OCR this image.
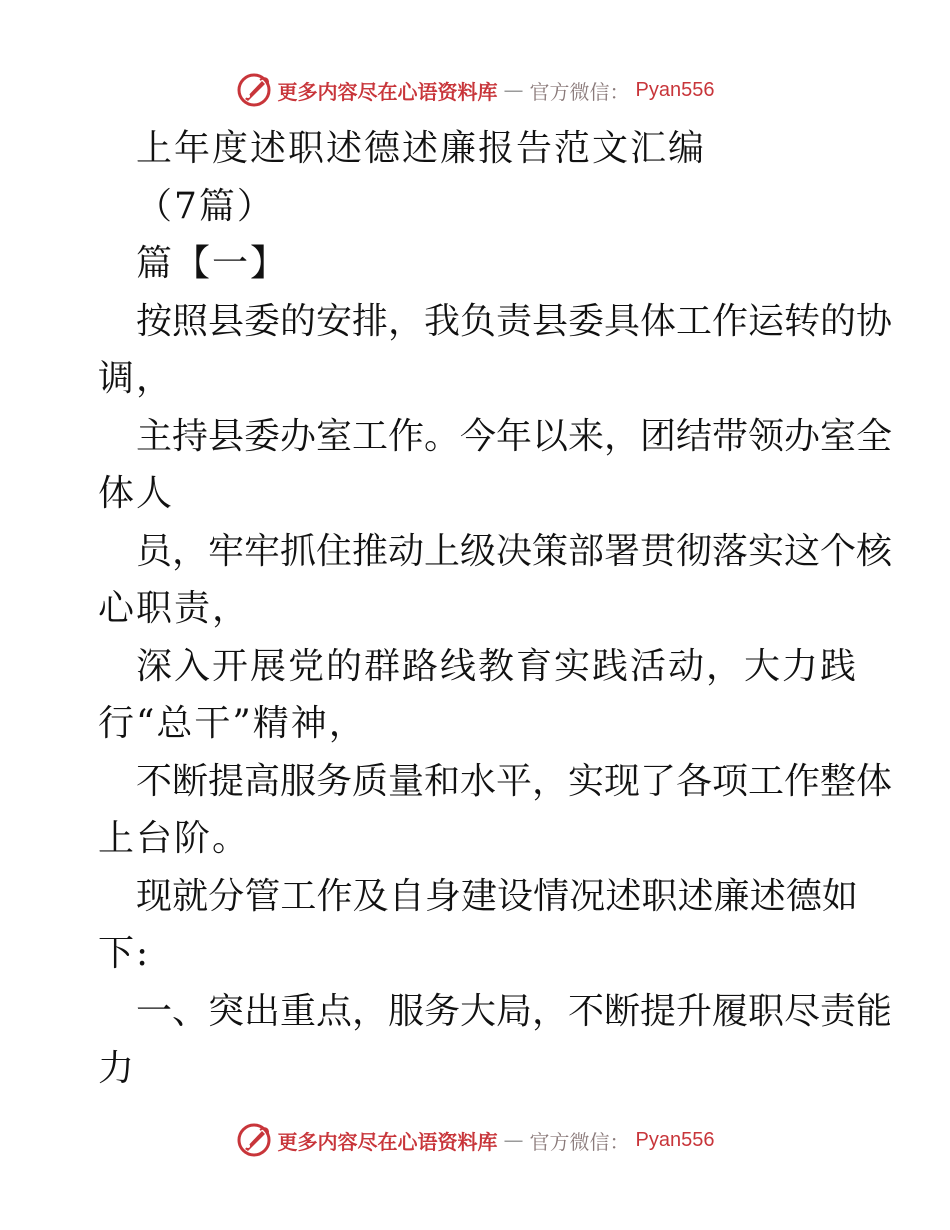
更多内容尽在心语资料库 — 官方微信： Pyan556
上年度述职述德述廉报告范文汇编
（7篇）
篇【一】
按照县委的安排，我负责县委具体工作运转的协
调，
主持县委办室工作。今年以来，团结带领办室全
体人
员，牢牢抓住推动上级决策部署贯彻落实这个核
心职责，
深入开展党的群路线教育实践活动，大力践
行“总干”精神，
不断提高服务质量和水平，实现了各项工作整体
上台阶。
现就分管工作及自身建设情况述职述廉述德如
下:
一、突出重点，服务大局，不断提升履职尽责能
力
更多内容尽在心语资料库 — 官方微信： Pyan556
